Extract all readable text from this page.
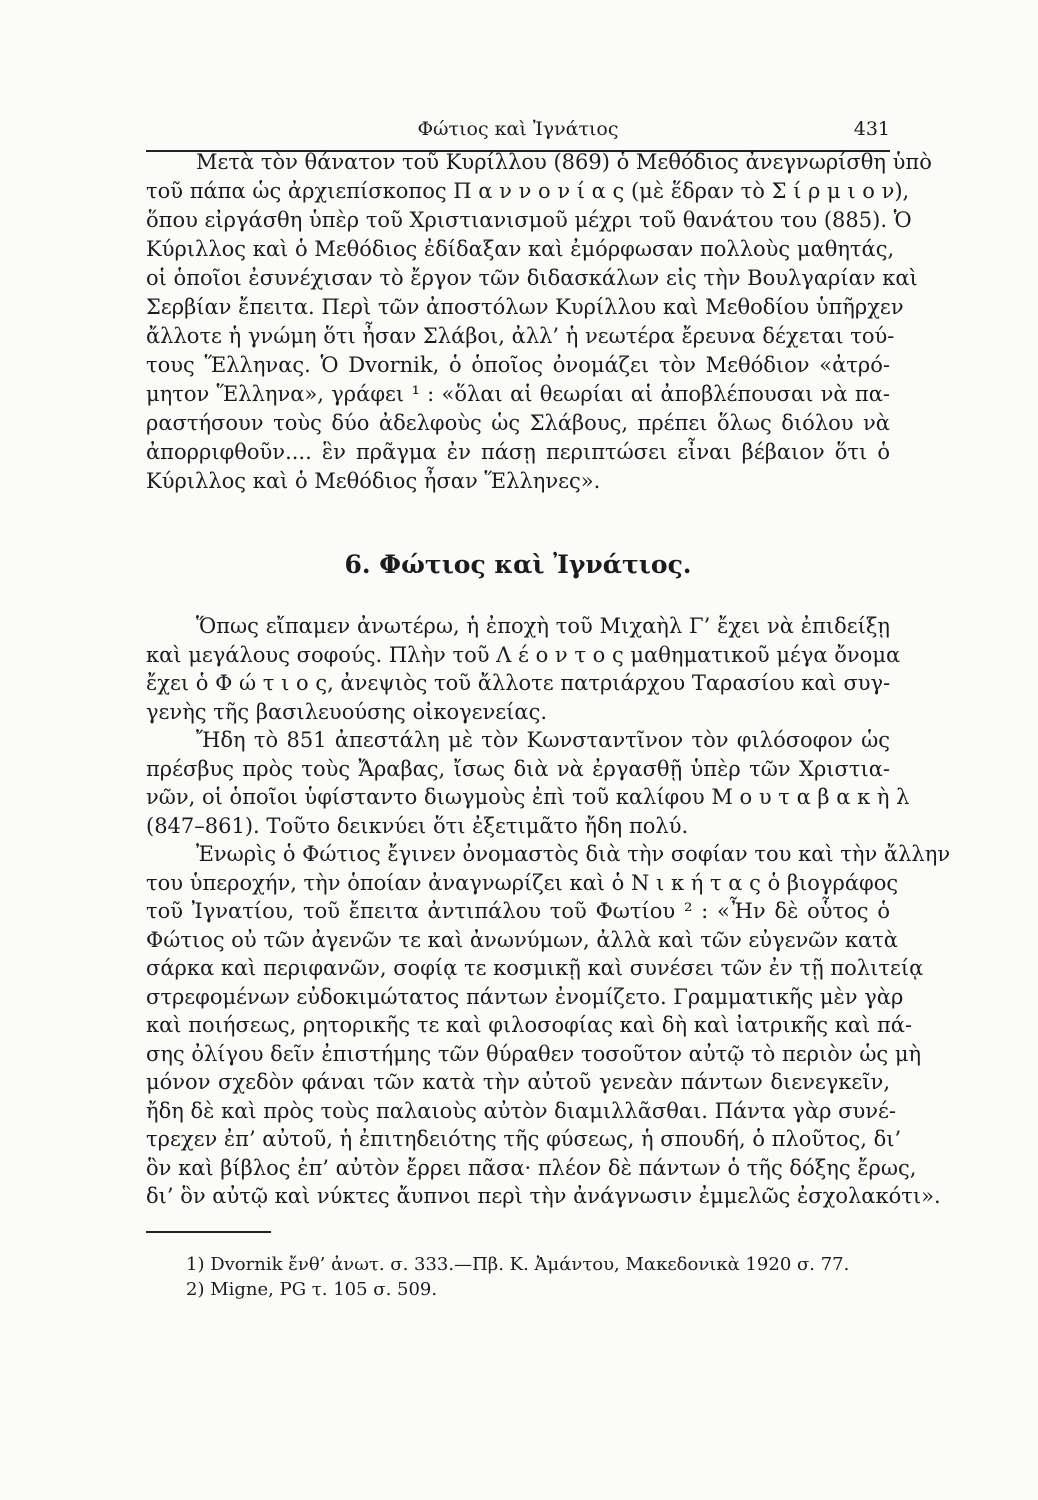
Φώτιος καὶ Ἰγνάτιος	431
Μετὰ τὸν θάνατον τοῦ Κυρίλλου (869) ὁ Μεθόδιος ἀνεγνωρίσθη ὑπὸ
τοῦ πάπα ὡς ἀρχιεπίσκοπος Π α ν ν ο ν ί α ς (μὲ ἕδραν τὸ Σ ί ρ μ ι ο ν),
ὅπου εἰργάσθη ὑπὲρ τοῦ Χριστιανισμοῦ μέχρι τοῦ θανάτου του (885). Ὁ
Κύριλλος καὶ ὁ Μεθόδιος ἐδίδαξαν καὶ ἐμόρφωσαν πολλοὺς μαθητάς,
οἱ ὁποῖοι ἐσυνέχισαν τὸ ἔργον τῶν διδασκάλων εἰς τὴν Βουλγαρίαν καὶ
Σερβίαν ἔπειτα. Περὶ τῶν ἀποστόλων Κυρίλλου καὶ Μεθοδίου ὑπῆρχεν
ἄλλοτε ἡ γνώμη ὅτι ἦσαν Σλάβοι, ἀλλ’ ἡ νεωτέρα ἔρευνα δέχεται τού-
τους Ἕλληνας. Ὁ Dvornik, ὁ ὁποῖος ὀνομάζει τὸν Μεθόδιον «ἀτρό-
μητον Ἕλληνα», γράφει ¹ : «ὅλαι αἱ θεωρίαι αἱ ἀποβλέπουσαι νὰ πα-
ραστήσουν τοὺς δύο ἀδελφοὺς ὡς Σλάβους, πρέπει ὅλως διόλου νὰ
ἀπορριφθοῦν.... ἓν πρᾶγμα ἐν πάσῃ περιπτώσει εἶναι βέβαιον ὅτι ὁ
Κύριλλος καὶ ὁ Μεθόδιος ἦσαν Ἕλληνες».
6. Φώτιος καὶ Ἰγνάτιος.
Ὅπως εἴπαμεν ἀνωτέρω, ἡ ἐποχὴ τοῦ Μιχαὴλ Γ’ ἔχει νὰ ἐπιδείξῃ
καὶ μεγάλους σοφούς. Πλὴν τοῦ Λ έ ο ν τ ο ς μαθηματικοῦ μέγα ὄνομα
ἔχει ὁ Φ ώ τ ι ο ς, ἀνεψιὸς τοῦ ἄλλοτε πατριάρχου Ταρασίου καὶ συγ-
γενὴς τῆς βασιλευούσης οἰκογενείας.
Ἤδη τὸ 851 ἀπεστάλη μὲ τὸν Κωνσταντῖνον τὸν φιλόσοφον ὡς
πρέσβυς πρὸς τοὺς Ἄραβας, ἴσως διὰ νὰ ἐργασθῇ ὑπὲρ τῶν Χριστια-
νῶν, οἱ ὁποῖοι ὑφίσταντο διωγμοὺς ἐπὶ τοῦ καλίφου Μ ο υ τ α β α κ ὴ λ
(847–861). Τοῦτο δεικνύει ὅτι ἐξετιμᾶτο ἤδη πολύ.
Ἐνωρὶς ὁ Φώτιος ἔγινεν ὀνομαστὸς διὰ τὴν σοφίαν του καὶ τὴν ἄλλην
του ὑπεροχήν, τὴν ὁποίαν ἀναγνωρίζει καὶ ὁ Ν ι κ ή τ α ς ὁ βιογράφος
τοῦ Ἰγνατίου, τοῦ ἔπειτα ἀντιπάλου τοῦ Φωτίου ² : «Ἦν δὲ οὗτος ὁ
Φώτιος οὐ τῶν ἀγενῶν τε καὶ ἀνωνύμων, ἀλλὰ καὶ τῶν εὐγενῶν κατὰ
σάρκα καὶ περιφανῶν, σοφίᾳ τε κοσμικῇ καὶ συνέσει τῶν ἐν τῇ πολιτείᾳ
στρεφομένων εὐδοκιμώτατος πάντων ἐνομίζετο. Γραμματικῆς μὲν γὰρ
καὶ ποιήσεως, ρητορικῆς τε καὶ φιλοσοφίας καὶ δὴ καὶ ἰατρικῆς καὶ πά-
σης ὀλίγου δεῖν ἐπιστήμης τῶν θύραθεν τοσοῦτον αὐτῷ τὸ περιὸν ὡς μὴ
μόνον σχεδὸν φάναι τῶν κατὰ τὴν αὐτοῦ γενεὰν πάντων διενεγκεῖν,
ἤδη δὲ καὶ πρὸς τοὺς παλαιοὺς αὐτὸν διαμιλλᾶσθαι. Πάντα γὰρ συνέ-
τρεχεν ἐπ’ αὐτοῦ, ἡ ἐπιτηδειότης τῆς φύσεως, ἡ σπουδή, ὁ πλοῦτος, δι’
ὃν καὶ βίβλος ἐπ’ αὐτὸν ἔρρει πᾶσα· πλέον δὲ πάντων ὁ τῆς δόξης ἔρως,
δι’ ὃν αὐτῷ καὶ νύκτες ἄυπνοι περὶ τὴν ἀνάγνωσιν ἐμμελῶς ἐσχολακότι».
1) Dvornik ἔνθ’ ἀνωτ. σ. 333.—Πβ. Κ. Ἀμάντου, Μακεδονικὰ 1920 σ. 77.
2) Migne, PG τ. 105 σ. 509.
